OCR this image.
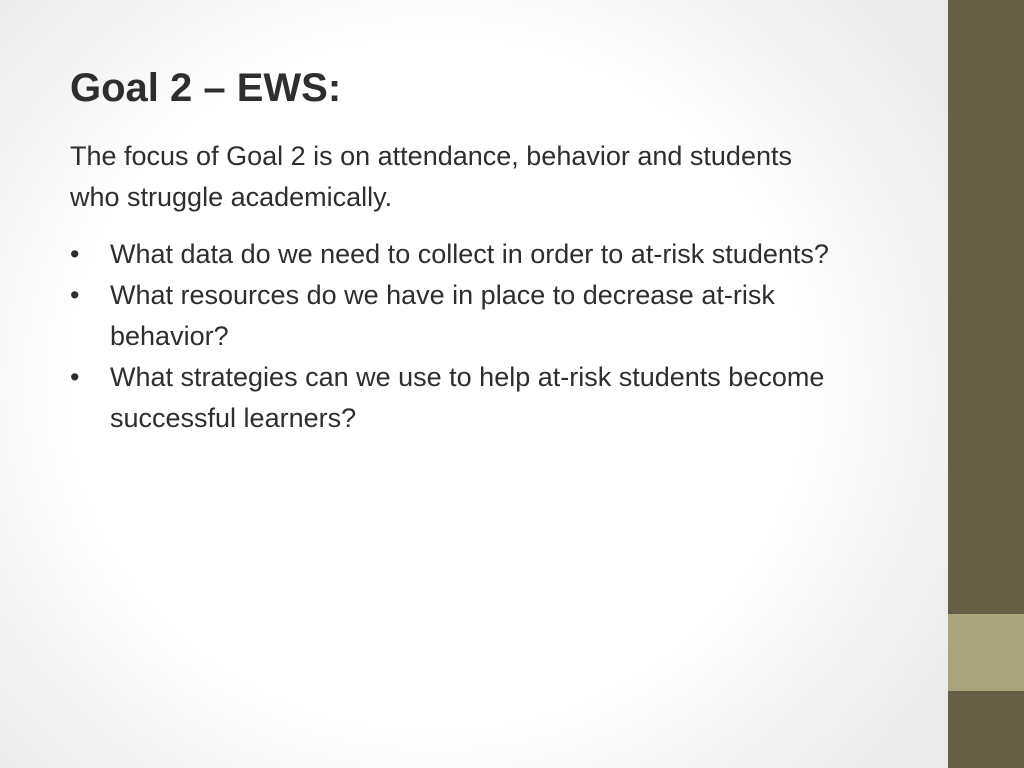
Goal 2 – EWS:

The focus of Goal 2 is on attendance, behavior and students who struggle academically.

• What data do we need to collect in order to at-risk students?
• What resources do we have in place to decrease at-risk behavior?
• What strategies can we use to help at-risk students become successful learners?
